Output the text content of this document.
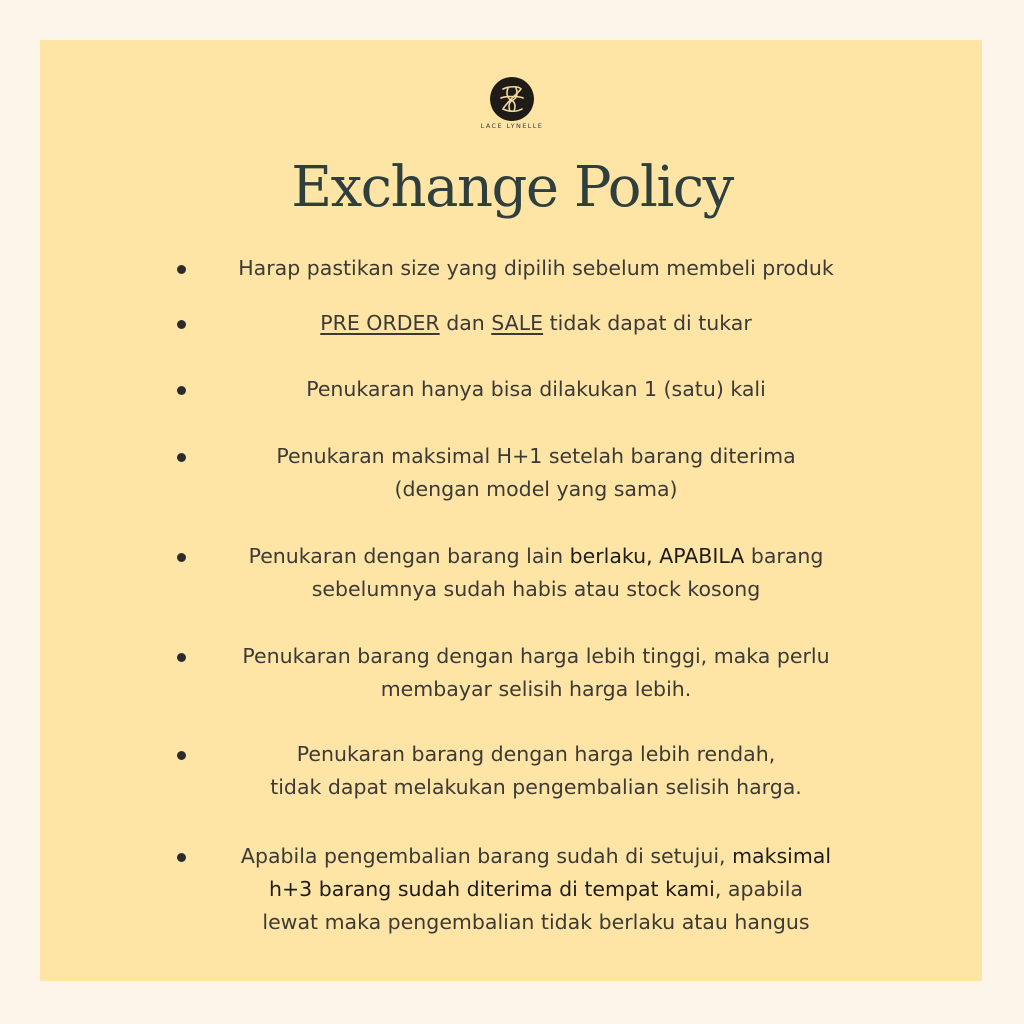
LACE LYNELLE
Exchange Policy
Harap pastikan size yang dipilih sebelum membeli produk
PRE ORDER dan SALE tidak dapat di tukar
Penukaran hanya bisa dilakukan 1 (satu) kali
Penukaran maksimal H+1 setelah barang diterima
(dengan model yang sama)
Penukaran dengan barang lain berlaku, APABILA barang
sebelumnya sudah habis atau stock kosong
Penukaran barang dengan harga lebih tinggi, maka perlu
membayar selisih harga lebih.
Penukaran barang dengan harga lebih rendah,
tidak dapat melakukan pengembalian selisih harga.
Apabila pengembalian barang sudah di setujui, maksimal
h+3 barang sudah diterima di tempat kami, apabila
lewat maka pengembalian tidak berlaku atau hangus
